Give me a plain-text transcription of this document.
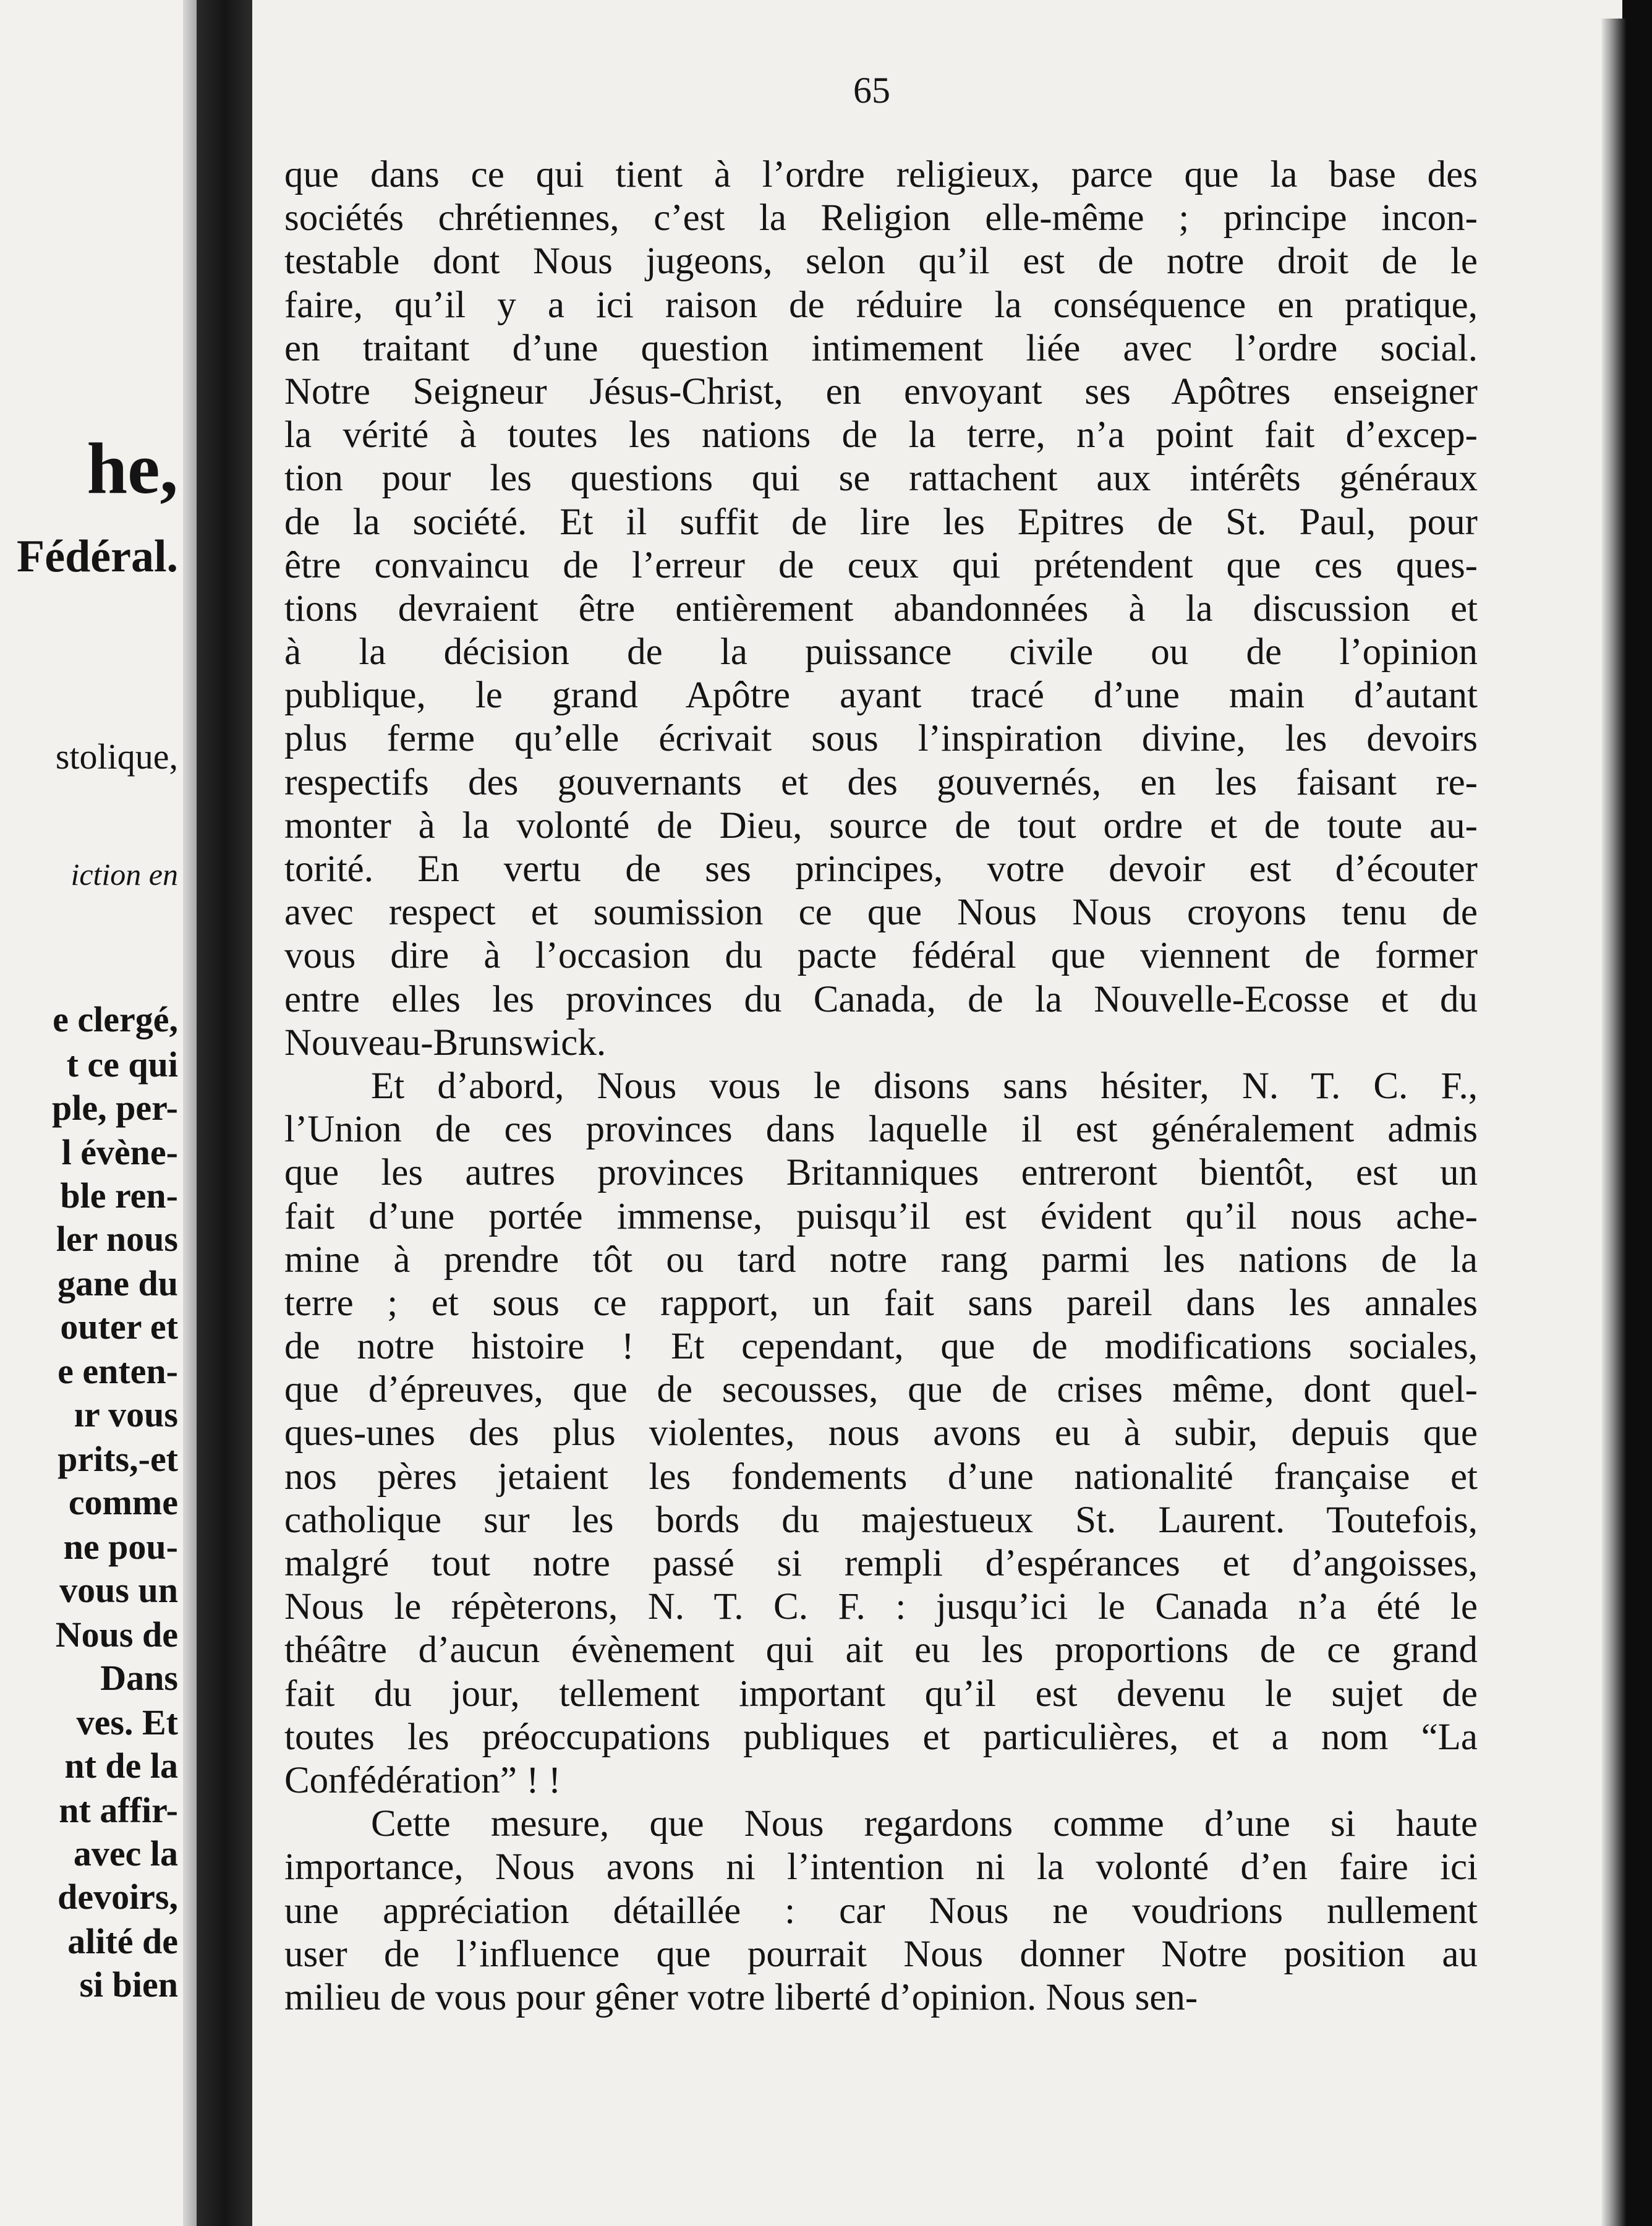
65
he,
Fédéral.
stolique,
iction en
e clergé,
t ce qui
ple, per-
l évène-
ble ren-
ler nous
gane du
outer et
e enten-
ır vous
prits,-et
comme
ne pou-
vous un
Nous de
Dans
ves. Et
nt de la
nt affir-
avec la
devoirs,
alité de
si bien
que dans ce qui tient à l’ordre religieux, parce que la base des
sociétés chrétiennes, c’est la Religion elle-même ; principe incon-
testable dont Nous jugeons, selon qu’il est de notre droit de le
faire, qu’il y a ici raison de réduire la conséquence en pratique,
en traitant d’une question intimement liée avec l’ordre social.
Notre Seigneur Jésus-Christ, en envoyant ses Apôtres enseigner
la vérité à toutes les nations de la terre, n’a point fait d’excep-
tion pour les questions qui se rattachent aux intérêts généraux
de la société. Et il suffit de lire les Epitres de St. Paul, pour
être convaincu de l’erreur de ceux qui prétendent que ces ques-
tions devraient être entièrement abandonnées à la discussion et
à la décision de la puissance civile ou de l’opinion
publique, le grand Apôtre ayant tracé d’une main d’autant
plus ferme qu’elle écrivait sous l’inspiration divine, les devoirs
respectifs des gouvernants et des gouvernés, en les faisant re-
monter à la volonté de Dieu, source de tout ordre et de toute au-
torité. En vertu de ses principes, votre devoir est d’écouter
avec respect et soumission ce que Nous Nous croyons tenu de
vous dire à l’occasion du pacte fédéral que viennent de former
entre elles les provinces du Canada, de la Nouvelle-Ecosse et du
Nouveau-Brunswick.
Et d’abord, Nous vous le disons sans hésiter, N. T. C. F.,
l’Union de ces provinces dans laquelle il est généralement admis
que les autres provinces Britanniques entreront bientôt, est un
fait d’une portée immense, puisqu’il est évident qu’il nous ache-
mine à prendre tôt ou tard notre rang parmi les nations de la
terre ; et sous ce rapport, un fait sans pareil dans les annales
de notre histoire ! Et cependant, que de modifications sociales,
que d’épreuves, que de secousses, que de crises même, dont quel-
ques-unes des plus violentes, nous avons eu à subir, depuis que
nos pères jetaient les fondements d’une nationalité française et
catholique sur les bords du majestueux St. Laurent. Toutefois,
malgré tout notre passé si rempli d’espérances et d’angoisses,
Nous le répèterons, N. T. C. F. : jusqu’ici le Canada n’a été le
théâtre d’aucun évènement qui ait eu les proportions de ce grand
fait du jour, tellement important qu’il est devenu le sujet de
toutes les préoccupations publiques et particulières, et a nom “La
Confédération” ! !
Cette mesure, que Nous regardons comme d’une si haute
importance, Nous avons ni l’intention ni la volonté d’en faire ici
une appréciation détaillée : car Nous ne voudrions nullement
user de l’influence que pourrait Nous donner Notre position au
milieu de vous pour gêner votre liberté d’opinion. Nous sen-
